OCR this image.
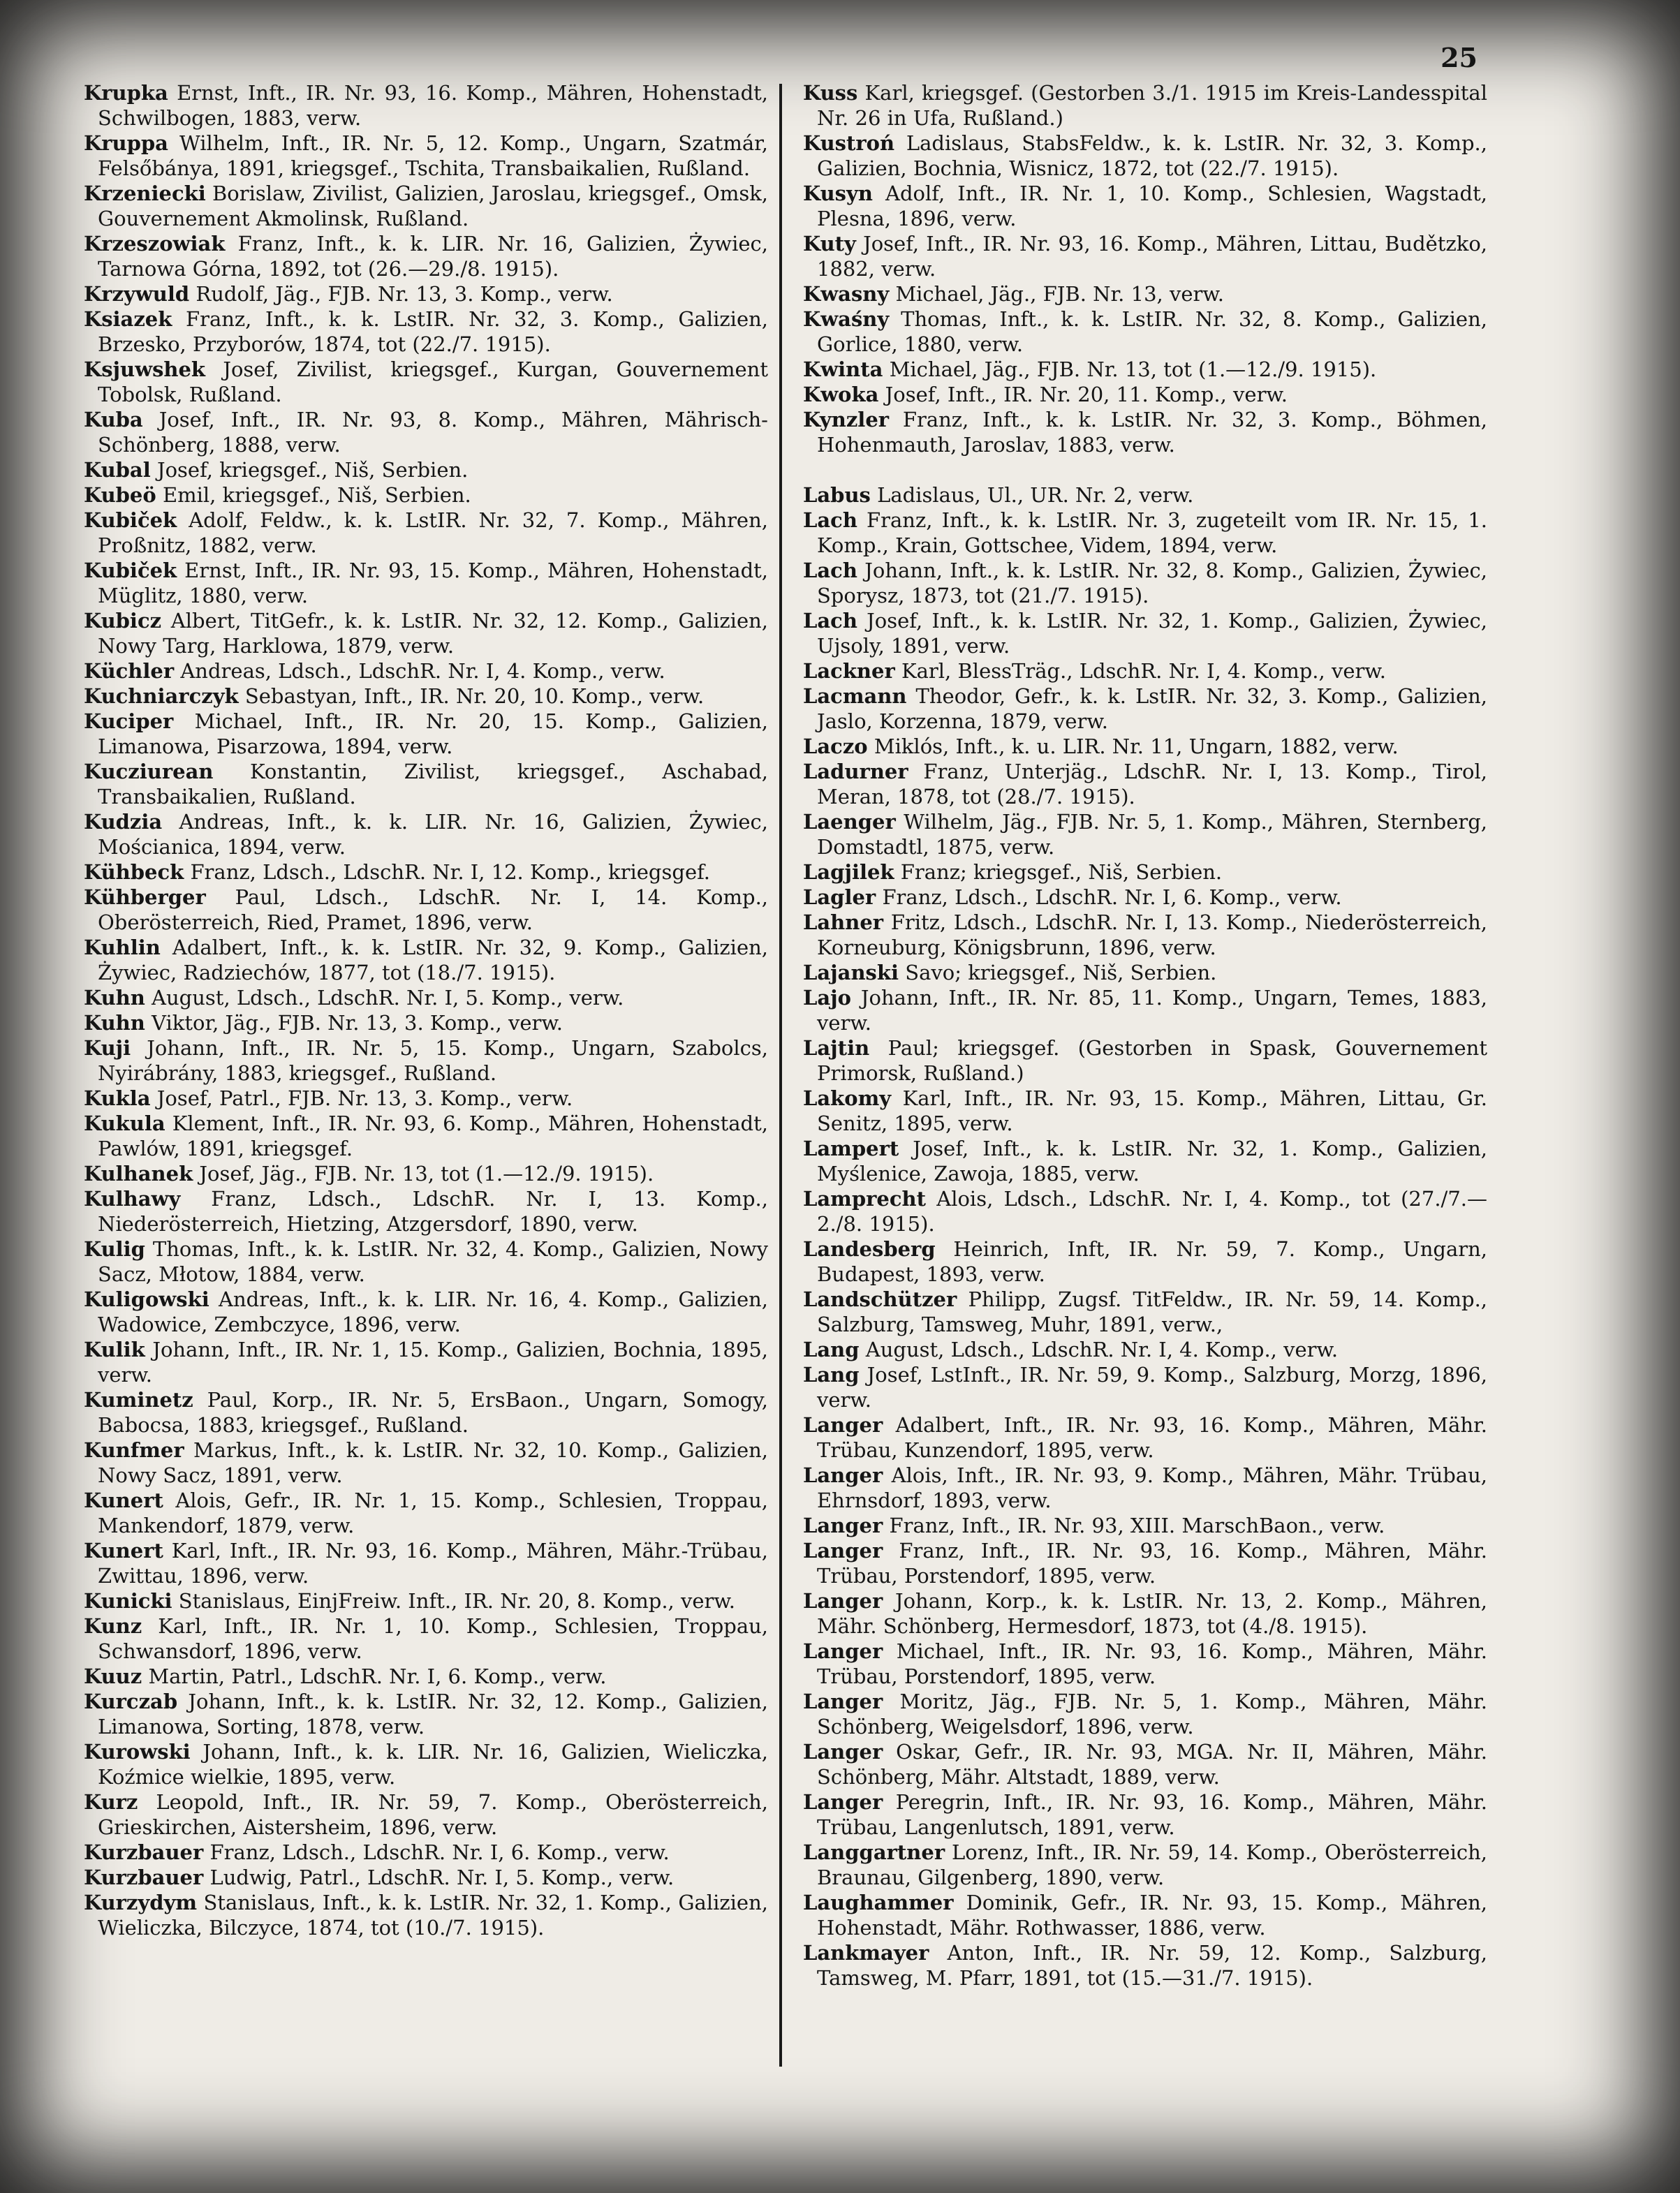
25
Krupka Ernst, Inft., IR. Nr. 93, 16. Komp., Mähren, Hohenstadt, Schwilbogen, 1883, verw.
Kruppa Wilhelm, Inft., IR. Nr. 5, 12. Komp., Ungarn, Szatmár, Felsőbánya, 1891, kriegsgef., Tschita, Transbaikalien, Rußland.
Krzeniecki Borislaw, Zivilist, Galizien, Jaroslau, kriegsgef., Omsk, Gouvernement Akmolinsk, Rußland.
Krzeszowiak Franz, Inft., k. k. LIR. Nr. 16, Galizien, Żywiec, Tarnowa Górna, 1892, tot (26.—29./8. 1915).
Krzywuld Rudolf, Jäg., FJB. Nr. 13, 3. Komp., verw.
Ksiazek Franz, Inft., k. k. LstIR. Nr. 32, 3. Komp., Galizien, Brzesko, Przyborów, 1874, tot (22./7. 1915).
Ksjuwshek Josef, Zivilist, kriegsgef., Kurgan, Gouvernement Tobolsk, Rußland.
Kuba Josef, Inft., IR. Nr. 93, 8. Komp., Mähren, Mährisch-Schönberg, 1888, verw.
Kubal Josef, kriegsgef., Niš, Serbien.
Kubeö Emil, kriegsgef., Niš, Serbien.
Kubiček Adolf, Feldw., k. k. LstIR. Nr. 32, 7. Komp., Mähren, Proßnitz, 1882, verw.
Kubiček Ernst, Inft., IR. Nr. 93, 15. Komp., Mähren, Hohenstadt, Müglitz, 1880, verw.
Kubicz Albert, TitGefr., k. k. LstIR. Nr. 32, 12. Komp., Galizien, Nowy Targ, Harklowa, 1879, verw.
Küchler Andreas, Ldsch., LdschR. Nr. I, 4. Komp., verw.
Kuchniarczyk Sebastyan, Inft., IR. Nr. 20, 10. Komp., verw.
Kuciper Michael, Inft., IR. Nr. 20, 15. Komp., Galizien, Limanowa, Pisarzowa, 1894, verw.
Kucziurean Konstantin, Zivilist, kriegsgef., Aschabad, Transbaikalien, Rußland.
Kudzia Andreas, Inft., k. k. LIR. Nr. 16, Galizien, Żywiec, Mościanica, 1894, verw.
Kühbeck Franz, Ldsch., LdschR. Nr. I, 12. Komp., kriegsgef.
Kühberger Paul, Ldsch., LdschR. Nr. I, 14. Komp., Oberösterreich, Ried, Pramet, 1896, verw.
Kuhlin Adalbert, Inft., k. k. LstIR. Nr. 32, 9. Komp., Galizien, Żywiec, Radziechów, 1877, tot (18./7. 1915).
Kuhn August, Ldsch., LdschR. Nr. I, 5. Komp., verw.
Kuhn Viktor, Jäg., FJB. Nr. 13, 3. Komp., verw.
Kuji Johann, Inft., IR. Nr. 5, 15. Komp., Ungarn, Szabolcs, Nyirábrány, 1883, kriegsgef., Rußland.
Kukla Josef, Patrl., FJB. Nr. 13, 3. Komp., verw.
Kukula Klement, Inft., IR. Nr. 93, 6. Komp., Mähren, Hohenstadt, Pawlów, 1891, kriegsgef.
Kulhanek Josef, Jäg., FJB. Nr. 13, tot (1.—12./9. 1915).
Kulhawy Franz, Ldsch., LdschR. Nr. I, 13. Komp., Niederösterreich, Hietzing, Atzgersdorf, 1890, verw.
Kulig Thomas, Inft., k. k. LstIR. Nr. 32, 4. Komp., Galizien, Nowy Sacz, Młotow, 1884, verw.
Kuligowski Andreas, Inft., k. k. LIR. Nr. 16, 4. Komp., Galizien, Wadowice, Zembczyce, 1896, verw.
Kulik Johann, Inft., IR. Nr. 1, 15. Komp., Galizien, Bochnia, 1895, verw.
Kuminetz Paul, Korp., IR. Nr. 5, ErsBaon., Ungarn, Somogy, Babocsa, 1883, kriegsgef., Rußland.
Kunfmer Markus, Inft., k. k. LstIR. Nr. 32, 10. Komp., Galizien, Nowy Sacz, 1891, verw.
Kunert Alois, Gefr., IR. Nr. 1, 15. Komp., Schlesien, Troppau, Mankendorf, 1879, verw.
Kunert Karl, Inft., IR. Nr. 93, 16. Komp., Mähren, Mähr.-Trübau, Zwittau, 1896, verw.
Kunicki Stanislaus, EinjFreiw. Inft., IR. Nr. 20, 8. Komp., verw.
Kunz Karl, Inft., IR. Nr. 1, 10. Komp., Schlesien, Troppau, Schwansdorf, 1896, verw.
Kuuz Martin, Patrl., LdschR. Nr. I, 6. Komp., verw.
Kurczab Johann, Inft., k. k. LstIR. Nr. 32, 12. Komp., Galizien, Limanowa, Sorting, 1878, verw.
Kurowski Johann, Inft., k. k. LIR. Nr. 16, Galizien, Wieliczka, Koźmice wielkie, 1895, verw.
Kurz Leopold, Inft., IR. Nr. 59, 7. Komp., Oberösterreich, Grieskirchen, Aistersheim, 1896, verw.
Kurzbauer Franz, Ldsch., LdschR. Nr. I, 6. Komp., verw.
Kurzbauer Ludwig, Patrl., LdschR. Nr. I, 5. Komp., verw.
Kurzydym Stanislaus, Inft., k. k. LstIR. Nr. 32, 1. Komp., Galizien, Wieliczka, Bilczyce, 1874, tot (10./7. 1915).
Kuss Karl, kriegsgef. (Gestorben 3./1. 1915 im Kreis-Landesspital Nr. 26 in Ufa, Rußland.)
Kustroń Ladislaus, StabsFeldw., k. k. LstIR. Nr. 32, 3. Komp., Galizien, Bochnia, Wisnicz, 1872, tot (22./7. 1915).
Kusyn Adolf, Inft., IR. Nr. 1, 10. Komp., Schlesien, Wagstadt, Plesna, 1896, verw.
Kuty Josef, Inft., IR. Nr. 93, 16. Komp., Mähren, Littau, Budětzko, 1882, verw.
Kwasny Michael, Jäg., FJB. Nr. 13, verw.
Kwaśny Thomas, Inft., k. k. LstIR. Nr. 32, 8. Komp., Galizien, Gorlice, 1880, verw.
Kwinta Michael, Jäg., FJB. Nr. 13, tot (1.—12./9. 1915).
Kwoka Josef, Inft., IR. Nr. 20, 11. Komp., verw.
Kynzler Franz, Inft., k. k. LstIR. Nr. 32, 3. Komp., Böhmen, Hohenmauth, Jaroslav, 1883, verw.
Labus Ladislaus, Ul., UR. Nr. 2, verw.
Lach Franz, Inft., k. k. LstIR. Nr. 3, zugeteilt vom IR. Nr. 15, 1. Komp., Krain, Gottschee, Videm, 1894, verw.
Lach Johann, Inft., k. k. LstIR. Nr. 32, 8. Komp., Galizien, Żywiec, Sporysz, 1873, tot (21./7. 1915).
Lach Josef, Inft., k. k. LstIR. Nr. 32, 1. Komp., Galizien, Żywiec, Ujsoly, 1891, verw.
Lackner Karl, BlessTräg., LdschR. Nr. I, 4. Komp., verw.
Lacmann Theodor, Gefr., k. k. LstIR. Nr. 32, 3. Komp., Galizien, Jaslo, Korzenna, 1879, verw.
Laczo Miklós, Inft., k. u. LIR. Nr. 11, Ungarn, 1882, verw.
Ladurner Franz, Unterjäg., LdschR. Nr. I, 13. Komp., Tirol, Meran, 1878, tot (28./7. 1915).
Laenger Wilhelm, Jäg., FJB. Nr. 5, 1. Komp., Mähren, Sternberg, Domstadtl, 1875, verw.
Lagjilek Franz; kriegsgef., Niš, Serbien.
Lagler Franz, Ldsch., LdschR. Nr. I, 6. Komp., verw.
Lahner Fritz, Ldsch., LdschR. Nr. I, 13. Komp., Niederösterreich, Korneuburg, Königsbrunn, 1896, verw.
Lajanski Savo; kriegsgef., Niš, Serbien.
Lajo Johann, Inft., IR. Nr. 85, 11. Komp., Ungarn, Temes, 1883, verw.
Lajtin Paul; kriegsgef. (Gestorben in Spask, Gouvernement Primorsk, Rußland.)
Lakomy Karl, Inft., IR. Nr. 93, 15. Komp., Mähren, Littau, Gr. Senitz, 1895, verw.
Lampert Josef, Inft., k. k. LstIR. Nr. 32, 1. Komp., Galizien, Myślenice, Zawoja, 1885, verw.
Lamprecht Alois, Ldsch., LdschR. Nr. I, 4. Komp., tot (27./7.—2./8. 1915).
Landesberg Heinrich, Inft, IR. Nr. 59, 7. Komp., Ungarn, Budapest, 1893, verw.
Landschützer Philipp, Zugsf. TitFeldw., IR. Nr. 59, 14. Komp., Salzburg, Tamsweg, Muhr, 1891, verw.,
Lang August, Ldsch., LdschR. Nr. I, 4. Komp., verw.
Lang Josef, LstInft., IR. Nr. 59, 9. Komp., Salzburg, Morzg, 1896, verw.
Langer Adalbert, Inft., IR. Nr. 93, 16. Komp., Mähren, Mähr. Trübau, Kunzendorf, 1895, verw.
Langer Alois, Inft., IR. Nr. 93, 9. Komp., Mähren, Mähr. Trübau, Ehrnsdorf, 1893, verw.
Langer Franz, Inft., IR. Nr. 93, XIII. MarschBaon., verw.
Langer Franz, Inft., IR. Nr. 93, 16. Komp., Mähren, Mähr. Trübau, Porstendorf, 1895, verw.
Langer Johann, Korp., k. k. LstIR. Nr. 13, 2. Komp., Mähren, Mähr. Schönberg, Hermesdorf, 1873, tot (4./8. 1915).
Langer Michael, Inft., IR. Nr. 93, 16. Komp., Mähren, Mähr. Trübau, Porstendorf, 1895, verw.
Langer Moritz, Jäg., FJB. Nr. 5, 1. Komp., Mähren, Mähr. Schönberg, Weigelsdorf, 1896, verw.
Langer Oskar, Gefr., IR. Nr. 93, MGA. Nr. II, Mähren, Mähr. Schönberg, Mähr. Altstadt, 1889, verw.
Langer Peregrin, Inft., IR. Nr. 93, 16. Komp., Mähren, Mähr. Trübau, Langenlutsch, 1891, verw.
Langgartner Lorenz, Inft., IR. Nr. 59, 14. Komp., Oberösterreich, Braunau, Gilgenberg, 1890, verw.
Laughammer Dominik, Gefr., IR. Nr. 93, 15. Komp., Mähren, Hohenstadt, Mähr. Rothwasser, 1886, verw.
Lankmayer Anton, Inft., IR. Nr. 59, 12. Komp., Salzburg, Tamsweg, M. Pfarr, 1891, tot (15.—31./7. 1915).
